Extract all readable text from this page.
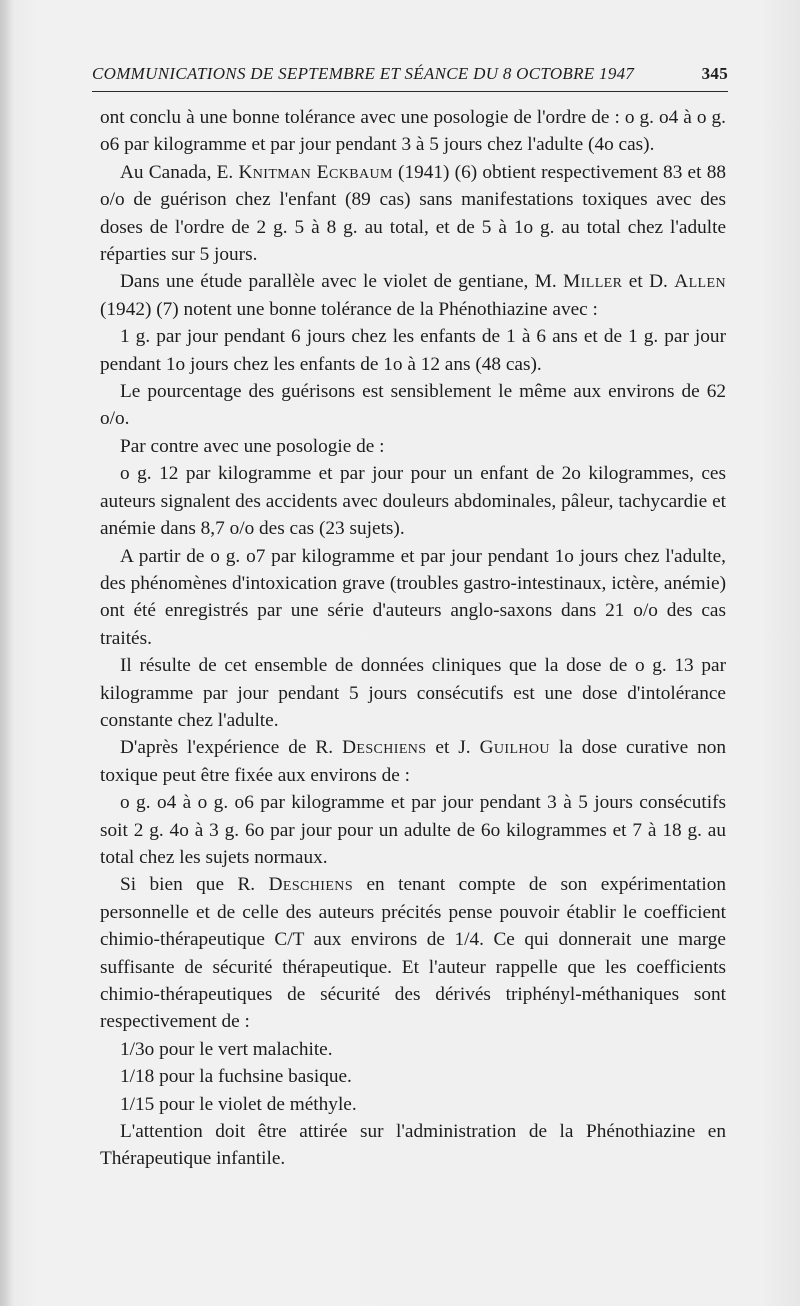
COMMUNICATIONS DE SEPTEMBRE ET SÉANCE DU 8 OCTOBRE 1947	345

ont conclu à une bonne tolérance avec une posologie de l'ordre de : o g. o4 à o g. o6 par kilogramme et par jour pendant 3 à 5 jours chez l'adulte (4o cas).

Au Canada, E. Knitman Eckbaum (1941) (6) obtient respectivement 83 et 88 o/o de guérison chez l'enfant (89 cas) sans manifestations toxiques avec des doses de l'ordre de 2 g. 5 à 8 g. au total, et de 5 à 1o g. au total chez l'adulte réparties sur 5 jours.

Dans une étude parallèle avec le violet de gentiane, M. Miller et D. Allen (1942) (7) notent une bonne tolérance de la Phénothiazine avec :

1 g. par jour pendant 6 jours chez les enfants de 1 à 6 ans et de 1 g. par jour pendant 1o jours chez les enfants de 1o à 12 ans (48 cas).

Le pourcentage des guérisons est sensiblement le même aux environs de 62 o/o.

Par contre avec une posologie de :

o g. 12 par kilogramme et par jour pour un enfant de 2o kilogrammes, ces auteurs signalent des accidents avec douleurs abdominales, pâleur, tachycardie et anémie dans 8,7 o/o des cas (23 sujets).

A partir de o g. o7 par kilogramme et par jour pendant 1o jours chez l'adulte, des phénomènes d'intoxication grave (troubles gastro-intestinaux, ictère, anémie) ont été enregistrés par une série d'auteurs anglo-saxons dans 21 o/o des cas traités.

Il résulte de cet ensemble de données cliniques que la dose de o g. 13 par kilogramme par jour pendant 5 jours consécutifs est une dose d'intolérance constante chez l'adulte.

D'après l'expérience de R. Deschiens et J. Guilhou la dose curative non toxique peut être fixée aux environs de :

o g. o4 à o g. o6 par kilogramme et par jour pendant 3 à 5 jours consécutifs soit 2 g. 4o à 3 g. 6o par jour pour un adulte de 6o kilogrammes et 7 à 18 g. au total chez les sujets normaux.

Si bien que R. Deschiens en tenant compte de son expérimentation personnelle et de celle des auteurs précités pense pouvoir établir le coefficient chimio-thérapeutique C/T aux environs de 1/4. Ce qui donnerait une marge suffisante de sécurité thérapeutique. Et l'auteur rappelle que les coefficients chimio-thérapeutiques de sécurité des dérivés triphényl-méthaniques sont respectivement de :

1/3o pour le vert malachite.

1/18 pour la fuchsine basique.

1/15 pour le violet de méthyle.

L'attention doit être attirée sur l'administration de la Phénothiazine en Thérapeutique infantile.
